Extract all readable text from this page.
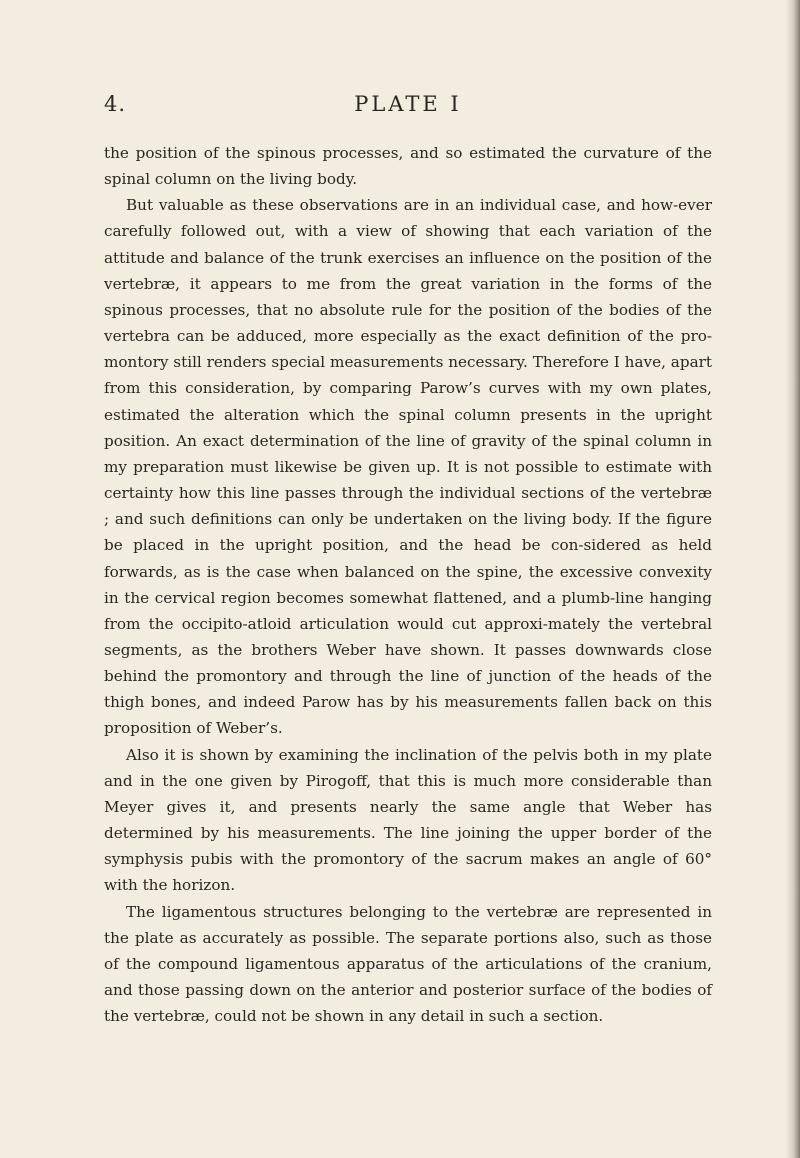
4.	PLATE I

the position of the spinous processes, and so estimated the curvature of the spinal column on the living body.

But valuable as these observations are in an individual case, and how-ever carefully followed out, with a view of showing that each variation of the attitude and balance of the trunk exercises an influence on the position of the vertebræ, it appears to me from the great variation in the forms of the spinous processes, that no absolute rule for the position of the bodies of the vertebra can be adduced, more especially as the exact definition of the pro-montory still renders special measurements necessary. Therefore I have, apart from this consideration, by comparing Parow’s curves with my own plates, estimated the alteration which the spinal column presents in the upright position. An exact determination of the line of gravity of the spinal column in my preparation must likewise be given up. It is not possible to estimate with certainty how this line passes through the individual sections of the vertebræ ; and such definitions can only be undertaken on the living body. If the figure be placed in the upright position, and the head be con-sidered as held forwards, as is the case when balanced on the spine, the excessive convexity in the cervical region becomes somewhat flattened, and a plumb-line hanging from the occipito-atloid articulation would cut approxi-mately the vertebral segments, as the brothers Weber have shown. It passes downwards close behind the promontory and through the line of junction of the heads of the thigh bones, and indeed Parow has by his measurements fallen back on this proposition of Weber’s.

Also it is shown by examining the inclination of the pelvis both in my plate and in the one given by Pirogoff, that this is much more considerable than Meyer gives it, and presents nearly the same angle that Weber has determined by his measurements. The line joining the upper border of the symphysis pubis with the promontory of the sacrum makes an angle of 60° with the horizon.

The ligamentous structures belonging to the vertebræ are represented in the plate as accurately as possible. The separate portions also, such as those of the compound ligamentous apparatus of the articulations of the cranium, and those passing down on the anterior and posterior surface of the bodies of the vertebræ, could not be shown in any detail in such a section.
